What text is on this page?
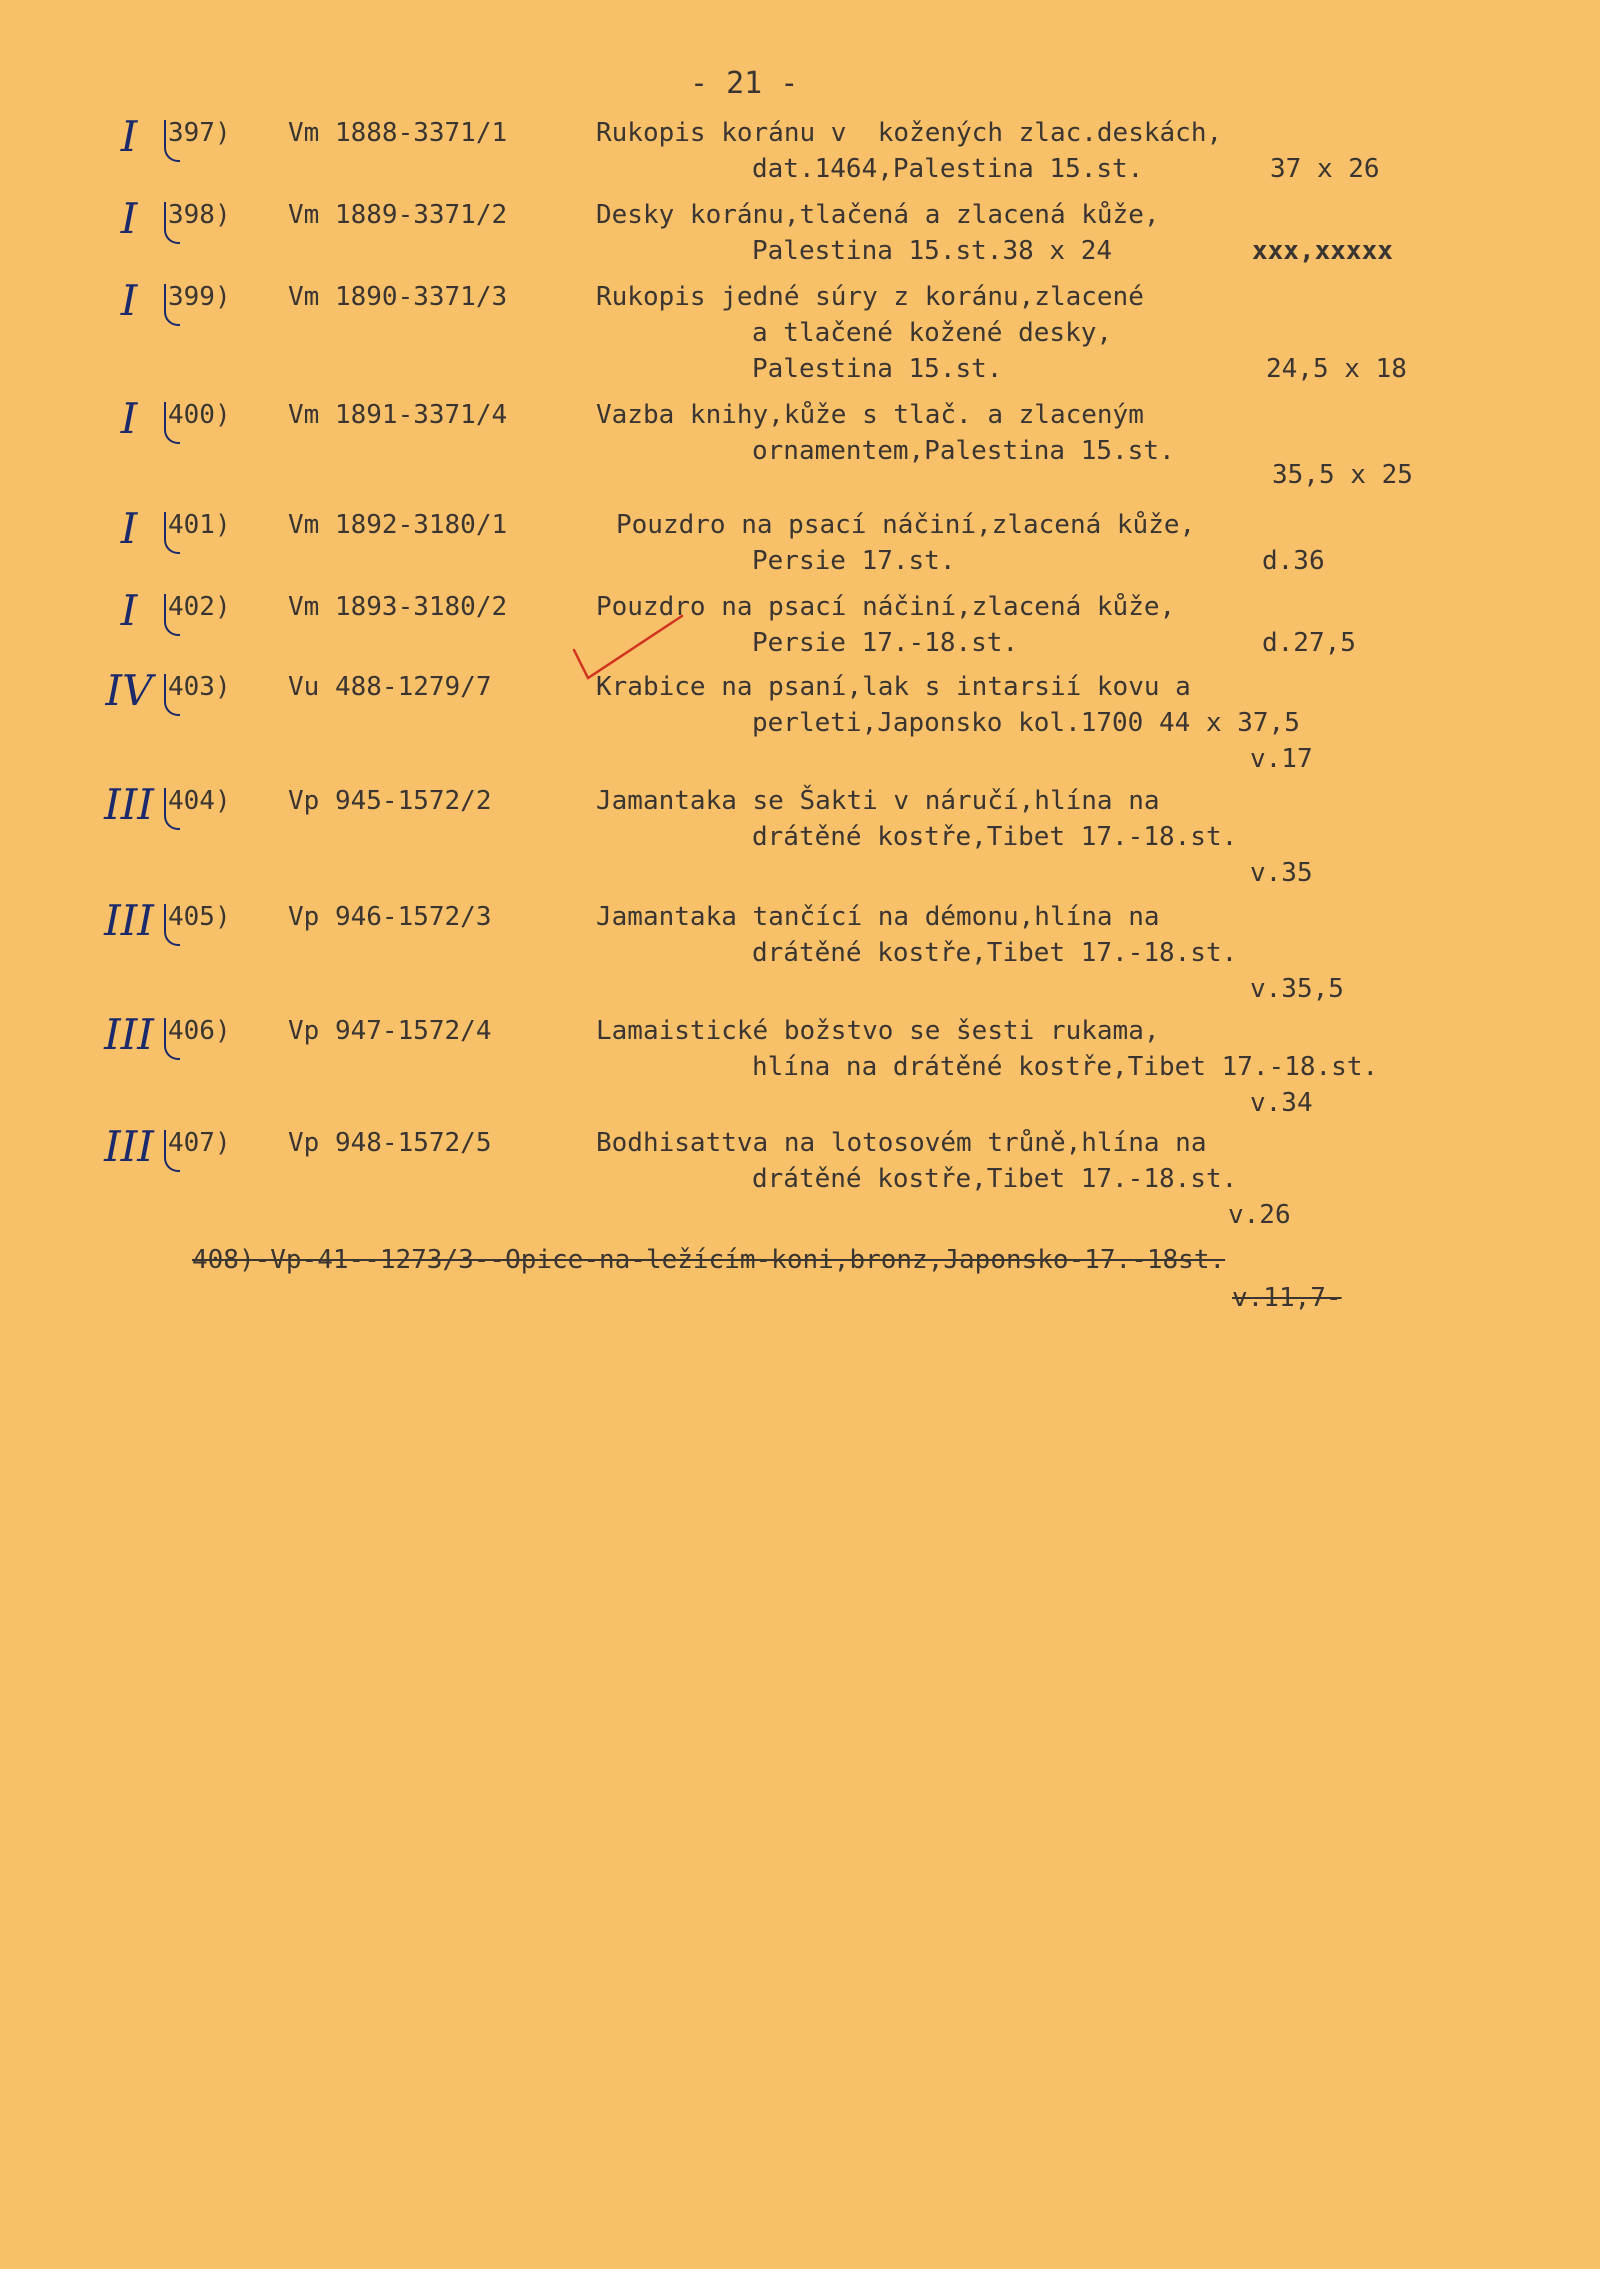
- 21 -
I	397) Vm 1888-3371/1	Rukopis koránu v  kožených zlac.deskách,
dat.1464,Palestina 15.st.	37 x 26
I	398) Vm 1889-3371/2	Desky koránu,tlačená a zlacená kůže,
Palestina 15.st.38 x 24	xxx,xxxxx
I	399) Vm 1890-3371/3	Rukopis jedné súry z koránu,zlacené
a tlačené kožené desky,
Palestina 15.st.	24,5 x 18
I	400) Vm 1891-3371/4	Vazba knihy,kůže s tlač. a zlaceným
ornamentem,Palestina 15.st.
35,5 x 25
I	401) Vm 1892-3180/1	Pouzdro na psací náčiní,zlacená kůže,
Persie 17.st.	d.36
I	402) Vm 1893-3180/2	Pouzdro na psací náčiní,zlacená kůže,
Persie 17.-18.st.	d.27,5
IV 403) Vu 488-1279/7	Krabice na psaní,lak s intarsií kovu a
perleti,Japonsko kol.1700 44 x 37,5
v.17
III 404) Vp 945-1572/2	Jamantaka se Šakti v náručí,hlína na
drátěné kostře,Tibet 17.-18.st.
v.35
III 405) Vp 946-1572/3	Jamantaka tančící na démonu,hlína na
drátěné kostře,Tibet 17.-18.st.
v.35,5
III 406) Vp 947-1572/4	Lamaistické božstvo se šesti rukama,
hlína na drátěné kostře,Tibet 17.-18.st.
v.34
III 407) Vp 948-1572/5	Bodhisattva na lotosovém trůně,hlína na
drátěné kostře,Tibet 17.-18.st.
v.26
408)-Vp-41--1273/3--Opice-na-ležícím-koni,bronz,Japonsko-17.-18st.
v.11,7-
